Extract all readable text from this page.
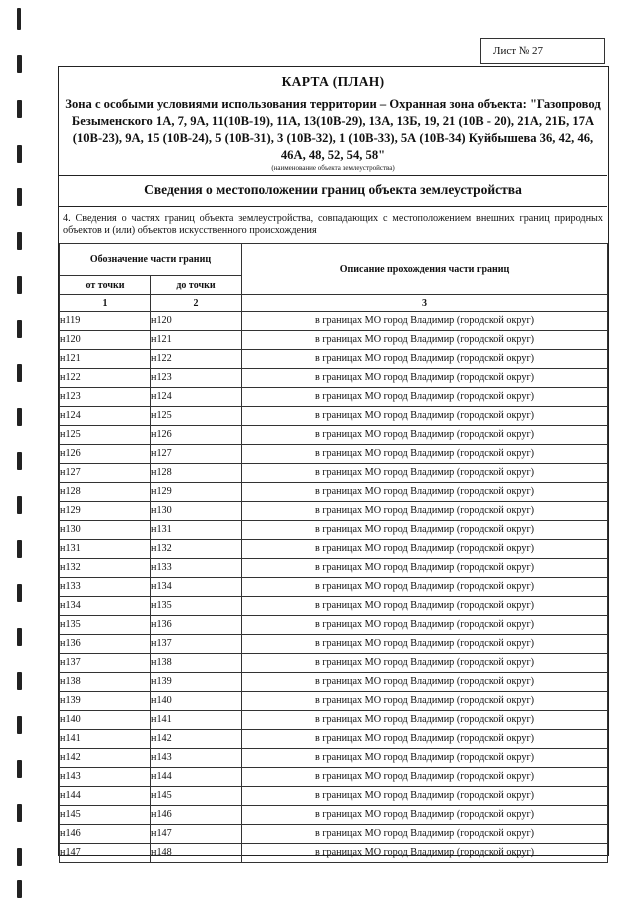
Лист № 27
КАРТА (ПЛАН)
Зона с особыми условиями использования территории – Охранная зона объекта: "Газопровод Безыменского 1А, 7, 9А, 11(10В-19), 11А, 13(10В-29), 13А, 13Б, 19, 21 (10В - 20), 21А, 21Б, 17А (10В-23), 9А, 15 (10В-24), 5 (10В-31), 3 (10В-32), 1 (10В-33), 5А (10В-34) Куйбышева 36, 42, 46, 46А, 48, 52, 54, 58"
(наименование объекта землеустройства)
Сведения о местоположении границ объекта землеустройства
4. Сведения о частях границ объекта землеустройства, совпадающих с местоположением внешних границ природных объектов и (или) объектов искусственного происхождения
Обозначение части границ		Описание прохождения части границ
от точки	до точки	
1	2	3
н119	н120	в границах МО город Владимир (городской округ)
н120	н121	в границах МО город Владимир (городской округ)
н121	н122	в границах МО город Владимир (городской округ)
н122	н123	в границах МО город Владимир (городской округ)
н123	н124	в границах МО город Владимир (городской округ)
н124	н125	в границах МО город Владимир (городской округ)
н125	н126	в границах МО город Владимир (городской округ)
н126	н127	в границах МО город Владимир (городской округ)
н127	н128	в границах МО город Владимир (городской округ)
н128	н129	в границах МО город Владимир (городской округ)
н129	н130	в границах МО город Владимир (городской округ)
н130	н131	в границах МО город Владимир (городской округ)
н131	н132	в границах МО город Владимир (городской округ)
н132	н133	в границах МО город Владимир (городской округ)
н133	н134	в границах МО город Владимир (городской округ)
н134	н135	в границах МО город Владимир (городской округ)
н135	н136	в границах МО город Владимир (городской округ)
н136	н137	в границах МО город Владимир (городской округ)
н137	н138	в границах МО город Владимир (городской округ)
н138	н139	в границах МО город Владимир (городской округ)
н139	н140	в границах МО город Владимир (городской округ)
н140	н141	в границах МО город Владимир (городской округ)
н141	н142	в границах МО город Владимир (городской округ)
н142	н143	в границах МО город Владимир (городской округ)
н143	н144	в границах МО город Владимир (городской округ)
н144	н145	в границах МО город Владимир (городской округ)
н145	н146	в границах МО город Владимир (городской округ)
н146	н147	в границах МО город Владимир (городской округ)
н147	н148	в границах МО город Владимир (городской округ)
